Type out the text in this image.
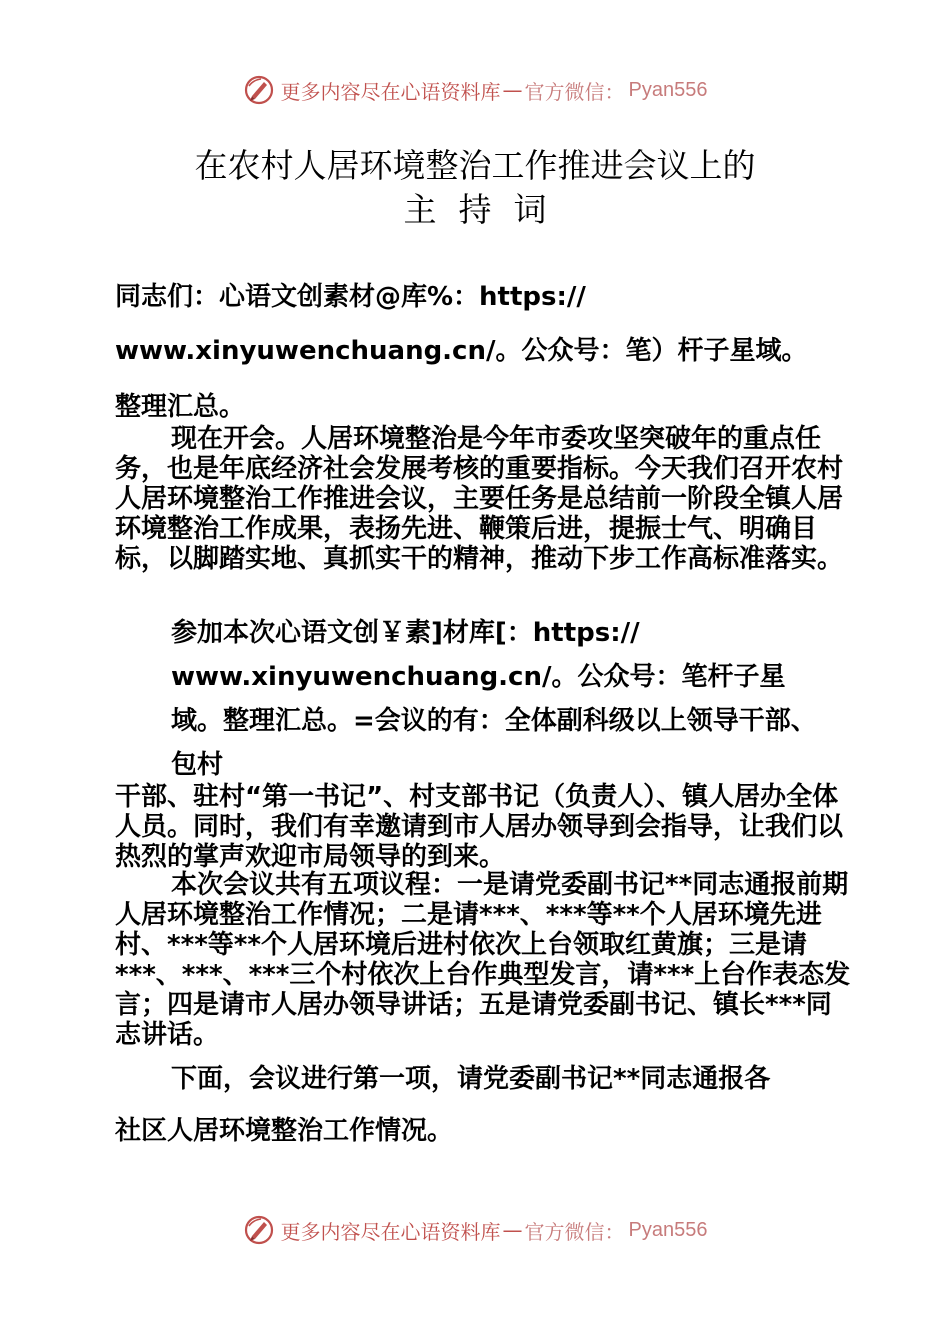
更多内容尽在心语资料库 — 官方微信： Pyan556
在农村人居环境整治工作推进会议上的
主持词

同志们：心语文创素材@库%：https://

www.xinyuwenchuang.cn/。公众号：笔）杆子星域。

整理汇总。

现在开会。人居环境整治是今年市委攻坚突破年的重点任务，也是年底经济社会发展考核的重要指标。今天我们召开农村人居环境整治工作推进会议，主要任务是总结前一阶段全镇人居环境整治工作成果，表扬先进、鞭策后进，提振士气、明确目标，以脚踏实地、真抓实干的精神，推动下步工作高标准落实。

参加本次心语文创￥素]材库[：https://

www.xinyuwenchuang.cn/。公众号：笔杆子星

域。整理汇总。=会议的有：全体副科级以上领导干部、

包村

干部、驻村“第一书记”、村支部书记（负责人）、镇人居办全体人员。同时，我们有幸邀请到市人居办领导到会指导，让我们以热烈的掌声欢迎市局领导的到来。

本次会议共有五项议程：一是请党委副书记**同志通报前期人居环境整治工作情况；二是请***、***等**个人居环境先进村、***等**个人居环境后进村依次上台领取红黄旗；三是请***、***、***三个村依次上台作典型发言，请***上台作表态发言；四是请市人居办领导讲话；五是请党委副书记、镇长***同志讲话。

下面，会议进行第一项，请党委副书记**同志通报各

社区人居环境整治工作情况。

更多内容尽在心语资料库 — 官方微信： Pyan556
